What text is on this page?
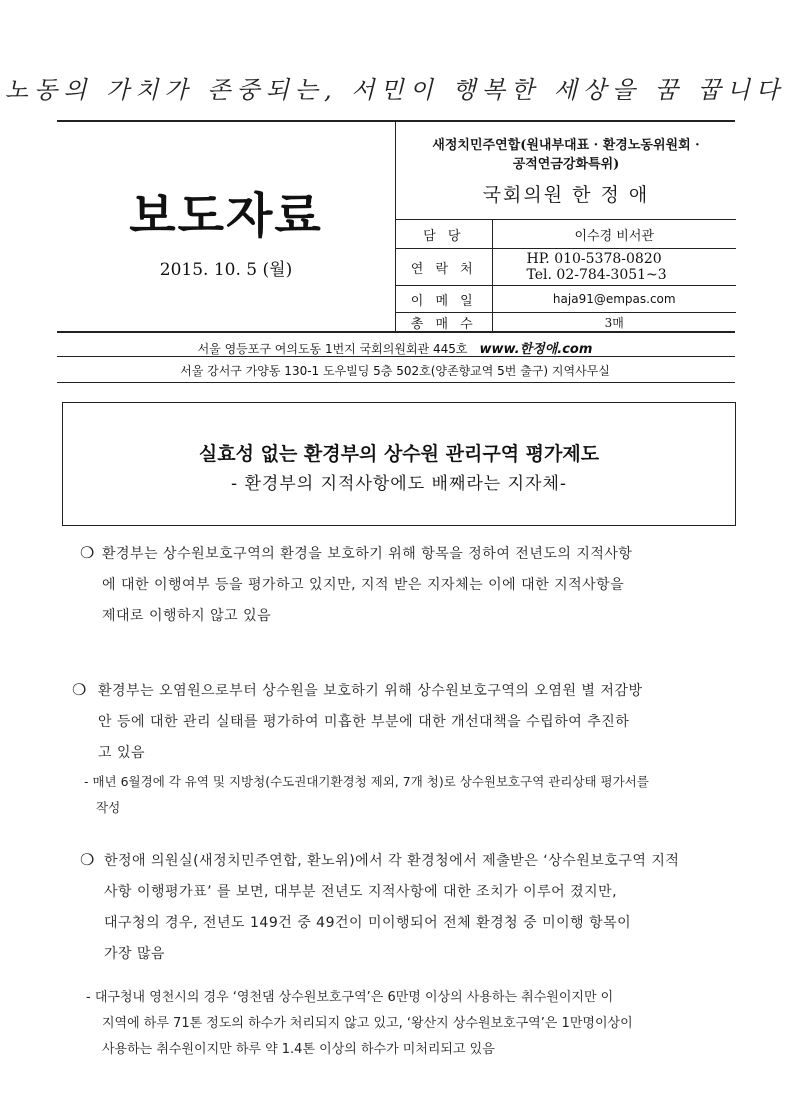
노동의 가치가 존중되는, 서민이 행복한 세상을 꿈 꿉니다
보도자료
2015. 10. 5 (월)
새정치민주연합(원내부대표 · 환경노동위원회 ·
공적연금강화특위)
국회의원 한 정 애
담 당	이수경 비서관
연 락 처	HP. 010-5378-0820
Tel. 02-784-3051~3

이 메 일	haja91@empas.com
총 매 수	3매
서울 영등포구 여의도동 1번지 국회의원회관 445호 www.한정애.com
서울 강서구 가양동 130-1 도우빌딩 5층 502호(양존향교역 5번 출구) 지역사무실
실효성 없는 환경부의 상수원 관리구역 평가제도
- 환경부의 지적사항에도 배째라는 지자체-
❍ 환경부는 상수원보호구역의 환경을 보호하기 위해 항목을 정하여 전년도의 지적사항
에 대한 이행여부 등을 평가하고 있지만, 지적 받은 지자체는 이에 대한 지적사항을
제대로 이행하지 않고 있음
❍ 환경부는 오염원으로부터 상수원을 보호하기 위해 상수원보호구역의 오염원 별 저감방
안 등에 대한 관리 실태를 평가하여 미흡한 부분에 대한 개선대책을 수립하여 추진하
고 있음
- 매년 6월경에 각 유역 및 지방청(수도권대기환경청 제외, 7개 청)로 상수원보호구역 관리상태 평가서를
작성
❍ 한정애 의원실(새정치민주연합, 환노위)에서 각 환경청에서 제출받은 ‘상수원보호구역 지적
사항 이행평가표’ 를 보면, 대부분 전년도 지적사항에 대한 조치가 이루어 졌지만,
대구청의 경우, 전년도 149건 중 49건이 미이행되어 전체 환경청 중 미이행 항목이
가장 많음
- 대구청내 영천시의 경우 ‘영천댐 상수원보호구역’은 6만명 이상의 사용하는 취수원이지만 이
지역에 하루 71톤 정도의 하수가 처리되지 않고 있고, ‘왕산지 상수원보호구역’은 1만명이상이
사용하는 취수원이지만 하루 약 1.4톤 이상의 하수가 미처리되고 있음
